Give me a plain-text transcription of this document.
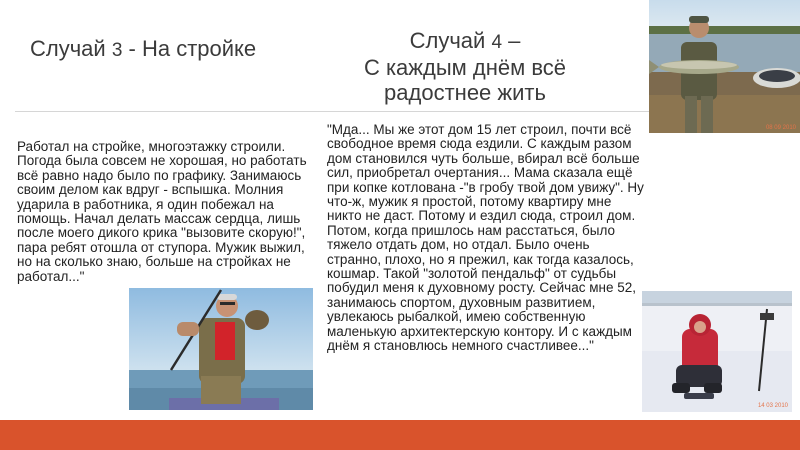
Случай 3 - На стройке	Случай 4 –
С каждым днём всё
радостнее жить
Работал на стройке, многоэтажку строили. Погода была совсем не хорошая, но работать всё равно надо было по графику. Занимаюсь своим делом как вдруг - вспышка. Молния ударила в работника, я один побежал на помощь. Начал делать массаж сердца, лишь после моего дикого крика "вызовите скорую!", пара ребят отошла от ступора. Мужик выжил, но на сколько знаю, больше на стройках не работал..."
"Мда... Мы же этот дом 15 лет строил, почти всё свободное время сюда ездили. С каждым разом дом становился чуть больше, вбирал всё больше сил, приобретал очертания... Мама сказала ещё при копке котлована -"в гробу твой дом увижу". Ну что-ж, мужик я простой, потому квартиру мне никто не даст. Потому и ездил сюда, строил дом. Потом, когда пришлось нам расстаться, было тяжело отдать дом, но отдал. Было очень странно, плохо, но я прежил, как тогда казалось, кошмар. Такой "золотой пендальф" от судьбы побудил меня к духовному росту. Сейчас мне 52, занимаюсь спортом, духовным развитием, увлекаюсь рыбалкой, имею собственную маленькую архитектерскую контору. И с каждым днём я становлюсь немного счастливее..."
08 09 2010
14 03 2010
